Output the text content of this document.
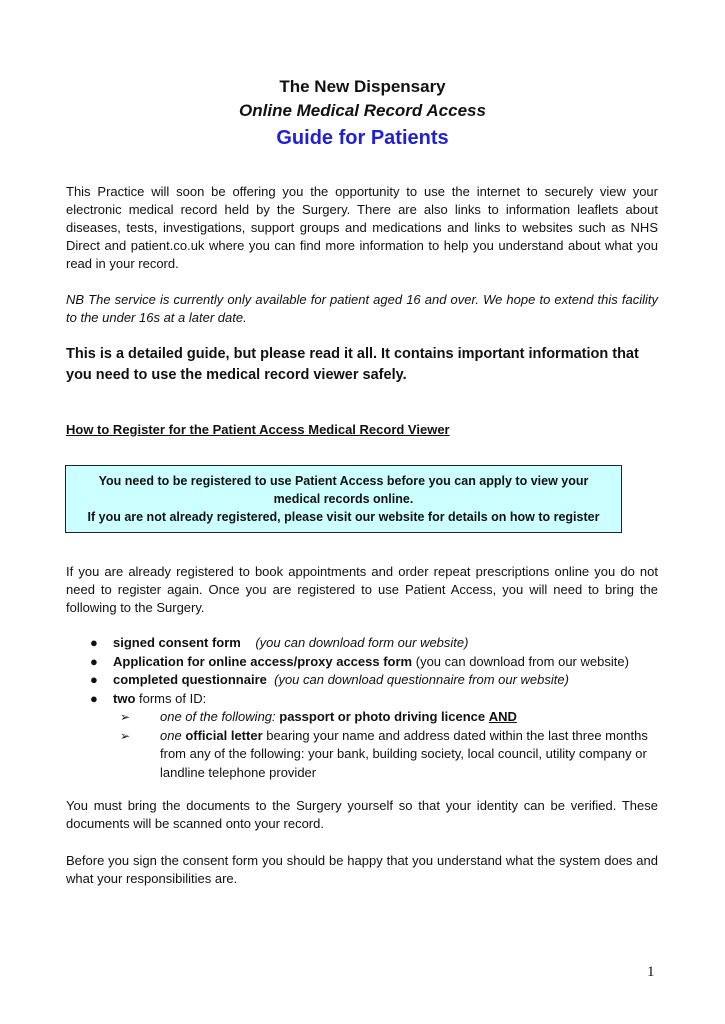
The New Dispensary
Online Medical Record Access
Guide for Patients
This Practice will soon be offering you the opportunity to use the internet to securely view your electronic medical record held by the Surgery. There are also links to information leaflets about diseases, tests, investigations, support groups and medications and links to websites such as NHS Direct and patient.co.uk where you can find more information to help you understand about what you read in your record.
NB The service is currently only available for patient aged 16 and over. We hope to extend this facility to the under 16s at a later date.
This is a detailed guide, but please read it all. It contains important information that you need to use the medical record viewer safely.
How to Register for the Patient Access Medical Record Viewer
You need to be registered to use Patient Access before you can apply to view your
medical records online.
If you are not already registered, please visit our website for details on how to register
If you are already registered to book appointments and order repeat prescriptions online you do not need to register again. Once you are registered to use Patient Access, you will need to bring the following to the Surgery.
● signed consent form (you can download form our website)
● Application for online access/proxy access form (you can download from our website)
● completed questionnaire (you can download questionnaire from our website)
● two forms of ID:
➢ one of the following: passport or photo driving licence AND
➢ one official letter bearing your name and address dated within the last three months from any of the following: your bank, building society, local council, utility company or landline telephone provider
You must bring the documents to the Surgery yourself so that your identity can be verified. These documents will be scanned onto your record.
Before you sign the consent form you should be happy that you understand what the system does and what your responsibilities are.
1
